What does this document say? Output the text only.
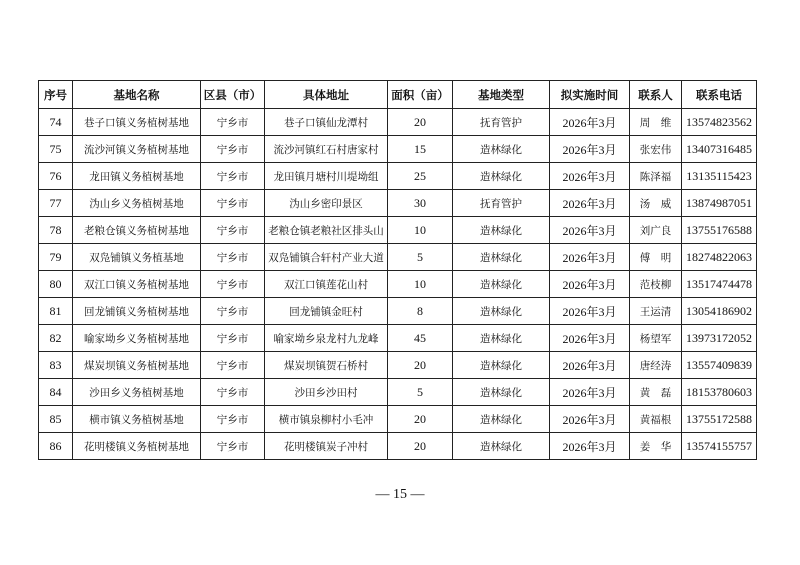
序号	基地名称	区县（市）	具体地址	面积（亩）	基地类型	拟实施时间	联系人	联系电话
74	巷子口镇义务植树基地	宁乡市	巷子口镇仙龙潭村	20	抚育管护	2026年3月	周　维	13574823562
75	流沙河镇义务植树基地	宁乡市	流沙河镇红石村唐家村	15	造林绿化	2026年3月	张宏伟	13407316485
76	龙田镇义务植树基地	宁乡市	龙田镇月塘村川堤坳组	25	造林绿化	2026年3月	陈泽福	13135115423
77	沩山乡义务植树基地	宁乡市	沩山乡密印景区	30	抚育管护	2026年3月	汤　威	13874987051
78	老粮仓镇义务植树基地	宁乡市	老粮仓镇老粮社区排头山	10	造林绿化	2026年3月	刘广良	13755176588
79	双凫铺镇义务植基地	宁乡市	双凫铺镇合轩村产业大道	5	造林绿化	2026年3月	傅　明	18274822063
80	双江口镇义务植树基地	宁乡市	双江口镇莲花山村	10	造林绿化	2026年3月	范枝柳	13517474478
81	回龙铺镇义务植树基地	宁乡市	回龙铺镇金旺村	8	造林绿化	2026年3月	王运清	13054186902
82	喻家坳乡义务植树基地	宁乡市	喻家坳乡泉龙村九龙峰	45	造林绿化	2026年3月	杨望军	13973172052
83	煤炭坝镇义务植树基地	宁乡市	煤炭坝镇贺石桥村	20	造林绿化	2026年3月	唐经涛	13557409839
84	沙田乡义务植树基地	宁乡市	沙田乡沙田村	5	造林绿化	2026年3月	黄　磊	18153780603
85	横市镇义务植树基地	宁乡市	横市镇泉柳村小毛冲	20	造林绿化	2026年3月	黄福根	13755172588
86	花明楼镇义务植树基地	宁乡市	花明楼镇炭子冲村	20	造林绿化	2026年3月	姜　华	13574155757
— 15 —
